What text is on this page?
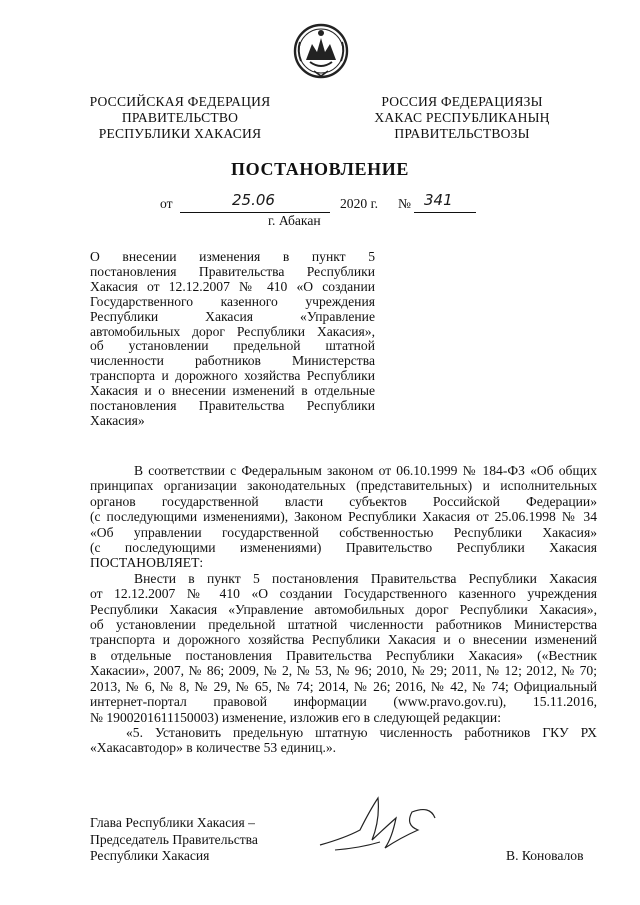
РОССИЙСКАЯ ФЕДЕРАЦИЯ
ПРАВИТЕЛЬСТВО
РЕСПУБЛИКИ ХАКАСИЯ
РОССИЯ ФЕДЕРАЦИЯЗЫ
ХАКАС РЕСПУБЛИКАНЫҢ
ПРАВИТЕЛЬСТВОЗЫ
ПОСТАНОВЛЕНИЕ
от	25.06	2020 г. № 341
г. Абакан
О внесении изменения в пункт 5
постановления Правительства Республики
Хакасия от 12.12.2007 № 410 «О создании
Государственного казенного учреждения
Республики Хакасия «Управление
автомобильных дорог Республики Хакасия»,
об установлении предельной штатной
численности работников Министерства
транспорта и дорожного хозяйства Республики
Хакасия и о внесении изменений в отдельные
постановления Правительства Республики
Хакасия»
В соответствии с Федеральным законом от 06.10.1999 № 184-ФЗ «Об общих
принципах организации законодательных (представительных) и исполнительных
органов государственной власти субъектов Российской Федерации»
(с последующими изменениями), Законом Республики Хакасия от 25.06.1998 № 34
«Об управлении государственной собственностью Республики Хакасия»
(с последующими изменениями) Правительство Республики Хакасия
ПОСТАНОВЛЯЕТ:
Внести в пункт 5 постановления Правительства Республики Хакасия
от 12.12.2007 № 410 «О создании Государственного казенного учреждения
Республики Хакасия «Управление автомобильных дорог Республики Хакасия»,
об установлении предельной штатной численности работников Министерства
транспорта и дорожного хозяйства Республики Хакасия и о внесении изменений
в отдельные постановления Правительства Республики Хакасия» («Вестник
Хакасии», 2007, № 86; 2009, № 2, № 53, № 96; 2010, № 29; 2011, № 12; 2012, № 70;
2013, № 6, № 8, № 29, № 65, № 74; 2014, № 26; 2016, № 42, № 74; Официальный
интернет-портал правовой информации (www.pravo.gov.ru), 15.11.2016,
№ 1900201611150003) изменение, изложив его в следующей редакции:
«5. Установить предельную штатную численность работников ГКУ РХ
«Хакасавтодор» в количестве 53 единиц.».
Глава Республики Хакасия –
Председатель Правительства
Республики Хакасия	В. Коновалов
